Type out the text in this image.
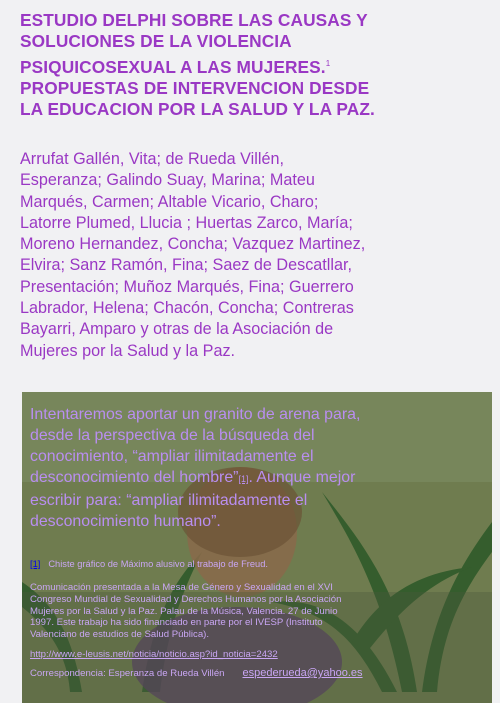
ESTUDIO DELPHI SOBRE LAS CAUSAS Y
SOLUCIONES DE LA VIOLENCIA
PSIQUICOSEXUAL A LAS MUJERES.$^1$
PROPUESTAS DE INTERVENCION DESDE
LA EDUCACION POR LA SALUD Y LA PAZ.

Arrufat Gallén, Vita; de Rueda Villén,
Esperanza; Galindo Suay, Marina; Mateu
Marqués, Carmen; Altable Vicario, Charo;
Latorre Plumed, Llucia ; Huertas Zarco, María;
Moreno Hernandez, Concha; Vazquez Martinez,
Elvira; Sanz Ramón, Fina; Saez de Descatllar,
Presentación; Muñoz Marqués, Fina; Guerrero
Labrador, Helena; Chacón, Concha; Contreras
Bayarri, Amparo y otras de la Asociación de
Mujeres por la Salud y la Paz.

Intentaremos aportar un granito de arena para,
desde la perspectiva de la búsqueda del
conocimiento, “ampliar ilimitadamente el
desconocimiento del hombre”[1]. Aunque mejor
escribir para: “ampliar ilimitadamente el
desconocimiento humano”.

[1] Chiste gráfico de Máximo alusivo al trabajo de Freud.

Comunicación presentada a la Mesa de Género y Sexualidad en el XVI
Congreso Mundial de Sexualidad y Derechos Humanos por la Asociación
Mujeres por la Salud y la Paz. Palau de la Música, Valencia. 27 de Junio
1997. Este trabajo ha sido financiado en parte por el IVESP (Instituto
Valenciano de estudios de Salud Pública).

http://www.e-leusis.net/noticia/noticio.asp?id_noticia=2432

Correspondencia: Esperanza de Rueda Villén espederueda@yahoo.es
